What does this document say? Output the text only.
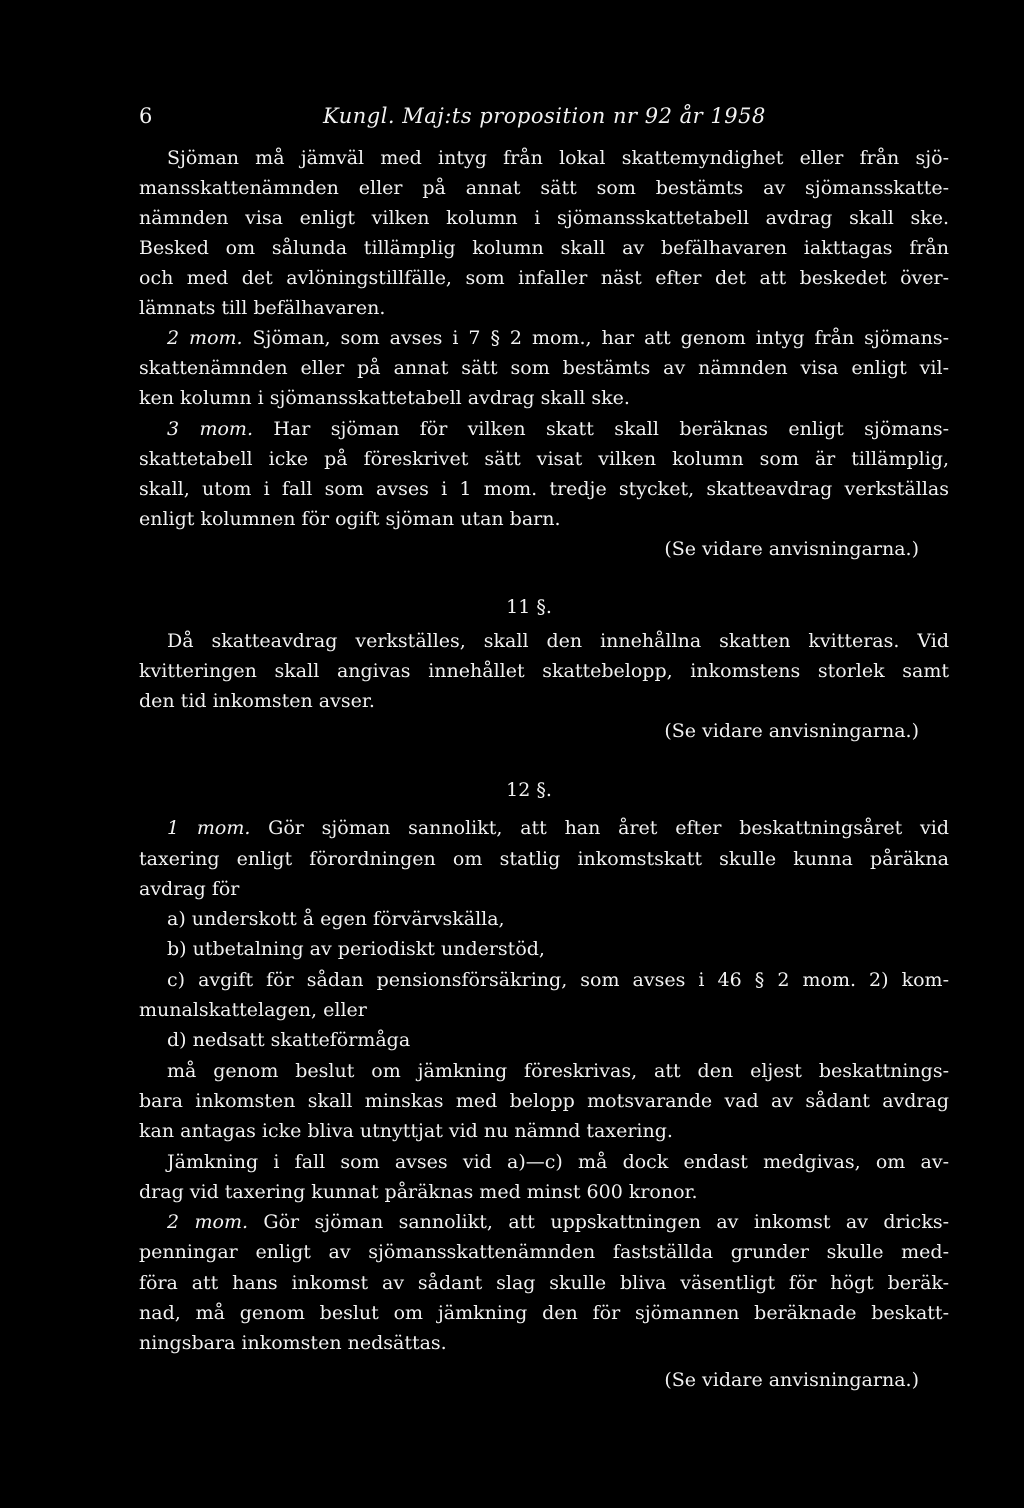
6	Kungl. Maj:ts proposition nr 92 år 1958
Sjöman må jämväl med intyg från lokal skattemyndighet eller från sjö-
mansskattenämnden eller på annat sätt som bestämts av sjömansskatte-
nämnden visa enligt vilken kolumn i sjömansskattetabell avdrag skall ske.
Besked om sålunda tillämplig kolumn skall av befälhavaren iakttagas från
och med det avlöningstillfälle, som infaller näst efter det att beskedet över-
lämnats till befälhavaren.
2 mom. Sjöman, som avses i 7 § 2 mom., har att genom intyg från sjömans-
skattenämnden eller på annat sätt som bestämts av nämnden visa enligt vil-
ken kolumn i sjömansskattetabell avdrag skall ske.
3 mom. Har sjöman för vilken skatt skall beräknas enligt sjömans-
skattetabell icke på föreskrivet sätt visat vilken kolumn som är tillämplig,
skall, utom i fall som avses i 1 mom. tredje stycket, skatteavdrag verkställas
enligt kolumnen för ogift sjöman utan barn.
(Se vidare anvisningarna.)
11 §.
Då skatteavdrag verkställes, skall den innehållna skatten kvitteras. Vid
kvitteringen skall angivas innehållet skattebelopp, inkomstens storlek samt
den tid inkomsten avser.
(Se vidare anvisningarna.)
12 §.
1 mom. Gör sjöman sannolikt, att han året efter beskattningsåret vid
taxering enligt förordningen om statlig inkomstskatt skulle kunna påräkna
avdrag för
a) underskott å egen förvärvskälla,
b) utbetalning av periodiskt understöd,
c) avgift för sådan pensionsförsäkring, som avses i 46 § 2 mom. 2) kom-
munalskattelagen, eller
d) nedsatt skatteförmåga
må genom beslut om jämkning föreskrivas, att den eljest beskattnings-
bara inkomsten skall minskas med belopp motsvarande vad av sådant avdrag
kan antagas icke bliva utnyttjat vid nu nämnd taxering.
Jämkning i fall som avses vid a)—c) må dock endast medgivas, om av-
drag vid taxering kunnat påräknas med minst 600 kronor.
2 mom. Gör sjöman sannolikt, att uppskattningen av inkomst av dricks-
penningar enligt av sjömansskattenämnden fastställda grunder skulle med-
föra att hans inkomst av sådant slag skulle bliva väsentligt för högt beräk-
nad, må genom beslut om jämkning den för sjömannen beräknade beskatt-
ningsbara inkomsten nedsättas.
(Se vidare anvisningarna.)
